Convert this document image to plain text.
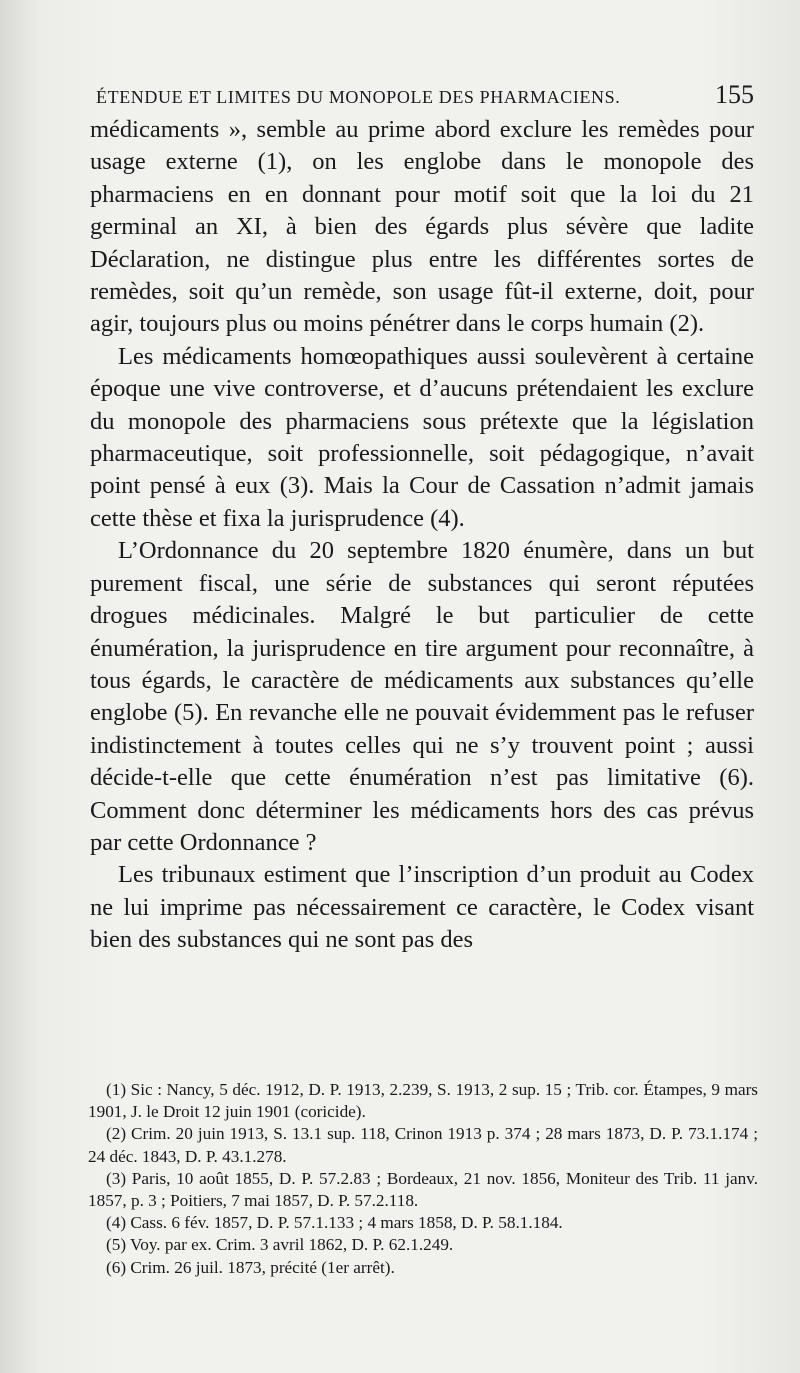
ÉTENDUE ET LIMITES DU MONOPOLE DES PHARMACIENS.	155

médicaments », semble au prime abord exclure les remèdes pour usage externe (1), on les englobe dans le monopole des pharmaciens en en donnant pour motif soit que la loi du 21 germinal an XI, à bien des égards plus sévère que ladite Déclaration, ne distingue plus entre les différentes sortes de remèdes, soit qu’un remède, son usage fût-il externe, doit, pour agir, toujours plus ou moins pénétrer dans le corps humain (2).

Les médicaments homœopathiques aussi soulevèrent à certaine époque une vive controverse, et d’aucuns prétendaient les exclure du monopole des pharmaciens sous prétexte que la législation pharmaceutique, soit professionnelle, soit pédagogique, n’avait point pensé à eux (3). Mais la Cour de Cassation n’admit jamais cette thèse et fixa la jurisprudence (4).

L’Ordonnance du 20 septembre 1820 énumère, dans un but purement fiscal, une série de substances qui seront réputées drogues médicinales. Malgré le but particulier de cette énumération, la jurisprudence en tire argument pour reconnaître, à tous égards, le caractère de médicaments aux substances qu’elle englobe (5). En revanche elle ne pouvait évidemment pas le refuser indistinctement à toutes celles qui ne s’y trouvent point ; aussi décide-t-elle que cette énumération n’est pas limitative (6). Comment donc déterminer les médicaments hors des cas prévus par cette Ordonnance ?

Les tribunaux estiment que l’inscription d’un produit au Codex ne lui imprime pas nécessairement ce caractère, le Codex visant bien des substances qui ne sont pas des

(1) Sic : Nancy, 5 déc. 1912, D. P. 1913, 2.239, S. 1913, 2 sup. 15 ; Trib. cor. Étampes, 9 mars 1901, J. le Droit 12 juin 1901 (coricide).

(2) Crim. 20 juin 1913, S. 13.1 sup. 118, Crinon 1913 p. 374 ; 28 mars 1873, D. P. 73.1.174 ; 24 déc. 1843, D. P. 43.1.278.

(3) Paris, 10 août 1855, D. P. 57.2.83 ; Bordeaux, 21 nov. 1856, Moniteur des Trib. 11 janv. 1857, p. 3 ; Poitiers, 7 mai 1857, D. P. 57.2.118.

(4) Cass. 6 fév. 1857, D. P. 57.1.133 ; 4 mars 1858, D. P. 58.1.184.

(5) Voy. par ex. Crim. 3 avril 1862, D. P. 62.1.249.

(6) Crim. 26 juil. 1873, précité (1er arrêt).
